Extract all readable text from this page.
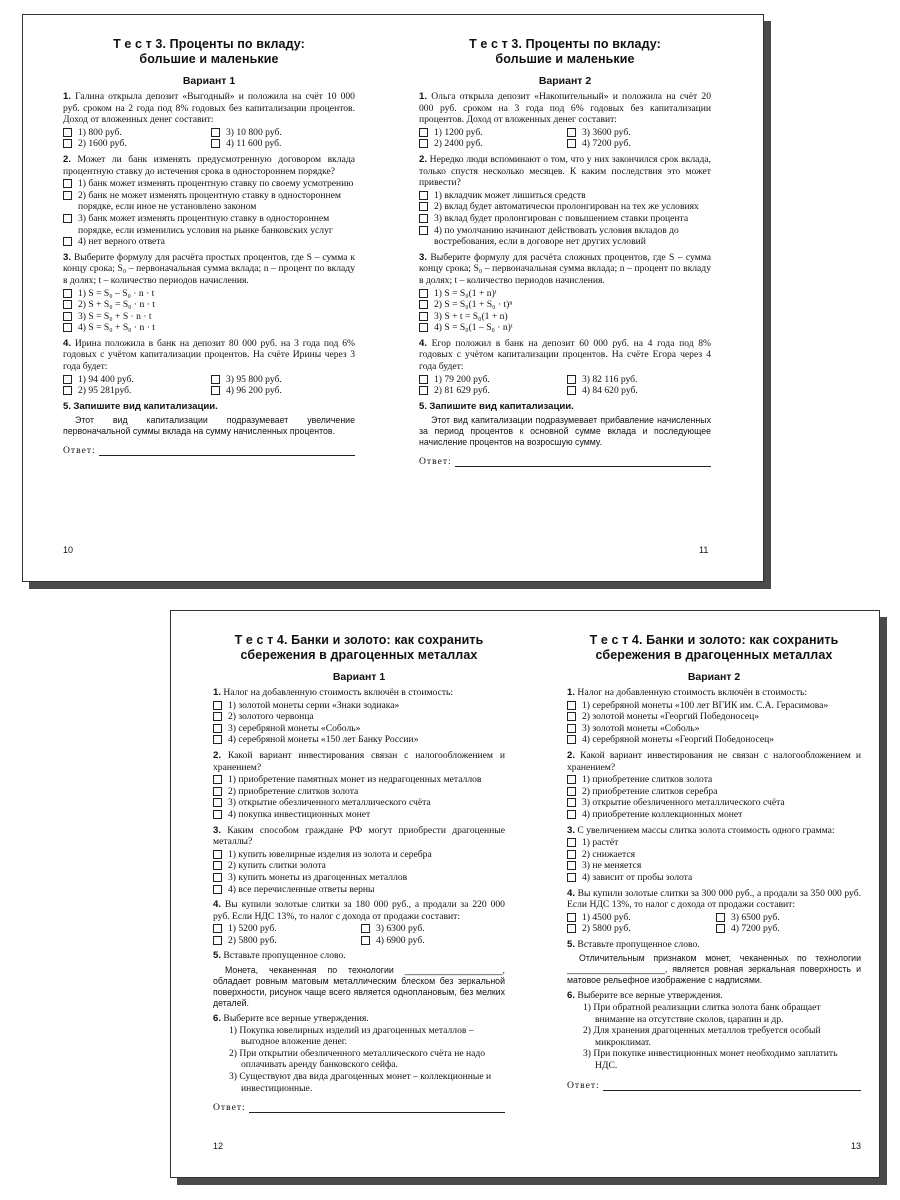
Т е с т 3. Проценты по вкладу:
большие и маленькие
Вариант 1
1. Галина открыла депозит «Выгодный» и положила на счёт 10 000 руб. сроком на 2 года под 8% годовых без капитализации процентов. Доход от вложенных денег составит:
1) 800 руб.	3) 10 800 руб.
2) 1600 руб.	4) 11 600 руб.
2. Может ли банк изменять предусмотренную договором вклада процентную ставку до истечения срока в одностороннем порядке?
1) банк может изменять процентную ставку по своему усмотрению
2) банк не может изменять процентную ставку в одностороннем порядке, если иное не установлено законом
3) банк может изменять процентную ставку в одностороннем порядке, если изменились условия на рынке банковских услуг
4) нет верного ответа
3. Выберите формулу для расчёта простых процентов, где S – сумма к концу срока; S₀ – первоначальная сумма вклада; n – процент по вкладу в долях; t – количество периодов начисления.
1) S = S₀ – S₀ · n · t
2) S + S₀ = S₀ · n · t
3) S = S₀ + S · n · t
4) S = S₀ + S₀ · n · t
4. Ирина положила в банк на депозит 80 000 руб. на 3 года под 6% годовых с учётом капитализации процентов. На счёте Ирины через 3 года будет:
1) 94 400 руб.	3) 95 800 руб.
2) 95 281руб.	4) 96 200 руб.
5. Запишите вид капитализации.
Этот вид капитализации подразумевает увеличение первоначальной суммы вклада на сумму начисленных процентов.
Ответ:
Т е с т 3. Проценты по вкладу:
большие и маленькие
Вариант 2
1. Ольга открыла депозит «Накопительный» и положила на счёт 20 000 руб. сроком на 3 года под 6% годовых без капитализации процентов. Доход от вложенных денег составит:
1) 1200 руб.	3) 3600 руб.
2) 2400 руб.	4) 7200 руб.
2. Нередко люди вспоминают о том, что у них закончился срок вклада, только спустя несколько месяцев. К каким последствия это может привести?
1) вкладчик может лишиться средств
2) вклад будет автоматически пролонгирован на тех же условиях
3) вклад будет пролонгирован с повышением ставки процента
4) по умолчанию начинают действовать условия вкладов до востребования, если в договоре нет других условий
3. Выберите формулу для расчёта сложных процентов, где S – сумма концу срока; S₀ – первоначальная сумма вклада; n – процент по вкладу в долях; t – количество периодов начисления.
1) S = S₀(1 + n)ᵗ
2) S = S₀(1 + S₀ · t)ⁿ
3) S + t = S₀(1 + n)
4) S = S₀(1 – S₀ · n)ᵗ
4. Егор положил в банк на депозит 60 000 руб. на 4 года под 8% годовых с учётом капитализации процентов. На счёте Егора через 4 года будет:
1) 79 200 руб.	3) 82 116 руб.
2) 81 629 руб.	4) 84 620 руб.
5. Запишите вид капитализации.
Этот вид капитализации подразумевает прибавление начисленных за период процентов к основной сумме вклада и последующее начисление процентов на возросшую сумму.
Ответ:
10	11
Т е с т 4. Банки и золото: как сохранить
сбережения в драгоценных металлах
Вариант 1
1. Налог на добавленную стоимость включён в стоимость:
1) золотой монеты серии «Знаки зодиака»
2) золотого червонца
3) серебряной монеты «Соболь»
4) серебряной монеты «150 лет Банку России»
2. Какой вариант инвестирования связан с налогообложением и хранением?
1) приобретение памятных монет из недрагоценных металлов
2) приобретение слитков золота
3) открытие обезличенного металлического счёта
4) покупка инвестиционных монет
3. Каким способом граждане РФ могут приобрести драгоценные металлы?
1) купить ювелирные изделия из золота и серебра
2) купить слитки золота
3) купить монеты из драгоценных металлов
4) все перечисленные ответы верны
4. Вы купили золотые слитки за 180 000 руб., а продали за 220 000 руб. Если НДС 13%, то налог с дохода от продажи составит:
1) 5200 руб.	3) 6300 руб.
2) 5800 руб.	4) 6900 руб.
5. Вставьте пропущенное слово.
Монета, чеканенная по технологии ____________________, обладает ровным матовым металлическим блеском без зеркальной поверхности, рисунок чаще всего является одноплановым, без мелких деталей.
6. Выберите все верные утверждения.
1) Покупка ювелирных изделий из драгоценных металлов – выгодное вложение денег.
2) При открытии обезличенного металлического счёта не надо оплачивать аренду банковского сейфа.
3) Существуют два вида драгоценных монет – коллекционные и инвестиционные.
Ответ:
Т е с т 4. Банки и золото: как сохранить
сбережения в драгоценных металлах
Вариант 2
1. Налог на добавленную стоимость включён в стоимость:
1) серебряной монеты «100 лет ВГИК им. С.А. Герасимова»
2) золотой монеты «Георгий Победоносец»
3) золотой монеты «Соболь»
4) серебряной монеты «Георгий Победоносец»
2. Какой вариант инвестирования не связан с налогообложением и хранением?
1) приобретение слитков золота
2) приобретение слитков серебра
3) открытие обезличенного металлического счёта
4) приобретение коллекционных монет
3. С увеличением массы слитка золота стоимость одного грамма:
1) растёт
2) снижается
3) не меняется
4) зависит от пробы золота
4. Вы купили золотые слитки за 300 000 руб., а продали за 350 000 руб. Если НДС 13%, то налог с дохода от продажи составит:
1) 4500 руб.	3) 6500 руб.
2) 5800 руб.	4) 7200 руб.
5. Вставьте пропущенное слово.
Отличительным признаком монет, чеканенных по технологии ____________________, является ровная зеркальная поверхность и матовое рельефное изображение с надписями.
6. Выберите все верные утверждения.
1) При обратной реализации слитка золота банк обращает внимание на отсутствие сколов, царапин и др.
2) Для хранения драгоценных металлов требуется особый микроклимат.
3) При покупке инвестиционных монет необходимо заплатить НДС.
Ответ:
12	13
